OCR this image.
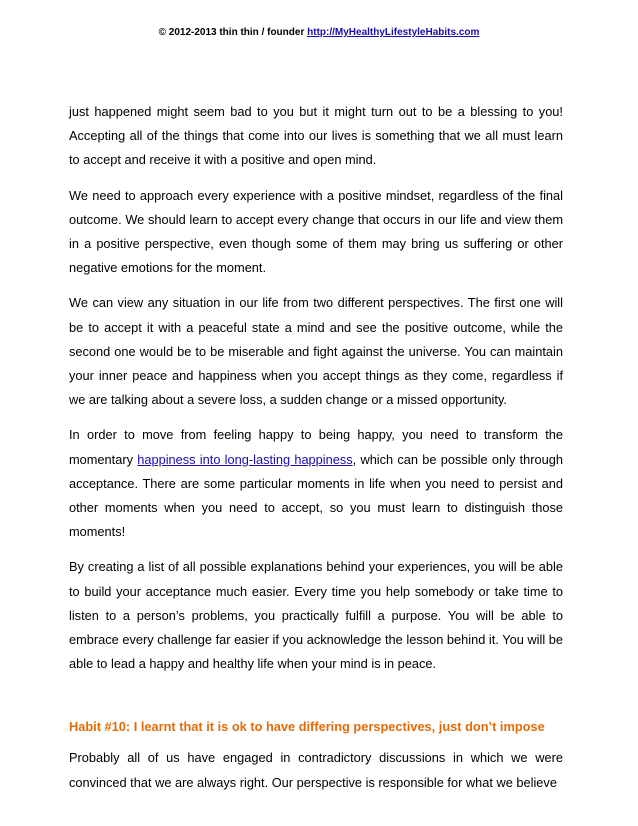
© 2012-2013 thin thin / founder http://MyHealthyLifestyleHabits.com

just happened might seem bad to you but it might turn out to be a blessing to you! Accepting all of the things that come into our lives is something that we all must learn to accept and receive it with a positive and open mind.

We need to approach every experience with a positive mindset, regardless of the final outcome. We should learn to accept every change that occurs in our life and view them in a positive perspective, even though some of them may bring us suffering or other negative emotions for the moment.

We can view any situation in our life from two different perspectives. The first one will be to accept it with a peaceful state a mind and see the positive outcome, while the second one would be to be miserable and fight against the universe. You can maintain your inner peace and happiness when you accept things as they come, regardless if we are talking about a severe loss, a sudden change or a missed opportunity.

In order to move from feeling happy to being happy, you need to transform the momentary happiness into long-lasting happiness, which can be possible only through acceptance. There are some particular moments in life when you need to persist and other moments when you need to accept, so you must learn to distinguish those moments!

By creating a list of all possible explanations behind your experiences, you will be able to build your acceptance much easier. Every time you help somebody or take time to listen to a person’s problems, you practically fulfill a purpose. You will be able to embrace every challenge far easier if you acknowledge the lesson behind it. You will be able to lead a happy and healthy life when your mind is in peace.

Habit #10: I learnt that it is ok to have differing perspectives, just don’t impose

Probably all of us have engaged in contradictory discussions in which we were convinced that we are always right. Our perspective is responsible for what we believe
